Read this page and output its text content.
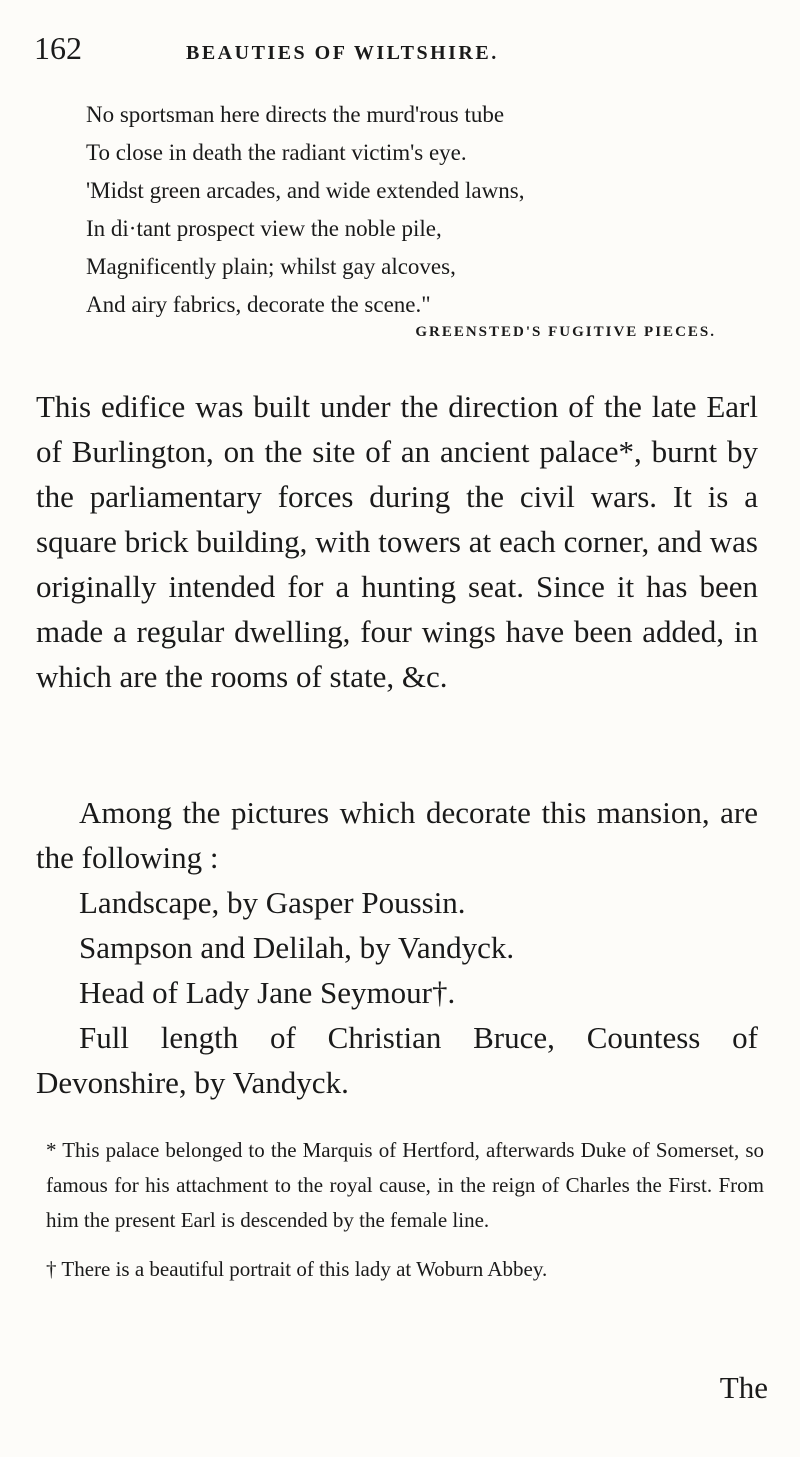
162	BEAUTIES OF WILTSHIRE.
No sportsman here directs the murd'rous tube
To close in death the radiant victim's eye.
'Midst green arcades, and wide extended lawns,
In di·tant prospect view the noble pile,
Magnificently plain; whilst gay alcoves,
And airy fabrics, decorate the scene."
GREENSTED'S FUGITIVE PIECES.

This edifice was built under the direction of the late Earl of Burlington, on the site of an ancient palace*, burnt by the parliamentary forces during the civil wars. It is a square brick building, with towers at each corner, and was originally intended for a hunting seat. Since it has been made a regular dwelling, four wings have been added, in which are the rooms of state, &c.

Among the pictures which decorate this mansion, are the following :
Landscape, by Gasper Poussin.
Sampson and Delilah, by Vandyck.
Head of Lady Jane Seymour†.
Full length of Christian Bruce, Countess of Devonshire, by Vandyck.

* This palace belonged to the Marquis of Hertford, afterwards Duke of Somerset, so famous for his attachment to the royal cause, in the reign of Charles the First. From him the present Earl is descended by the female line.

† There is a beautiful portrait of this lady at Woburn Abbey.

The
